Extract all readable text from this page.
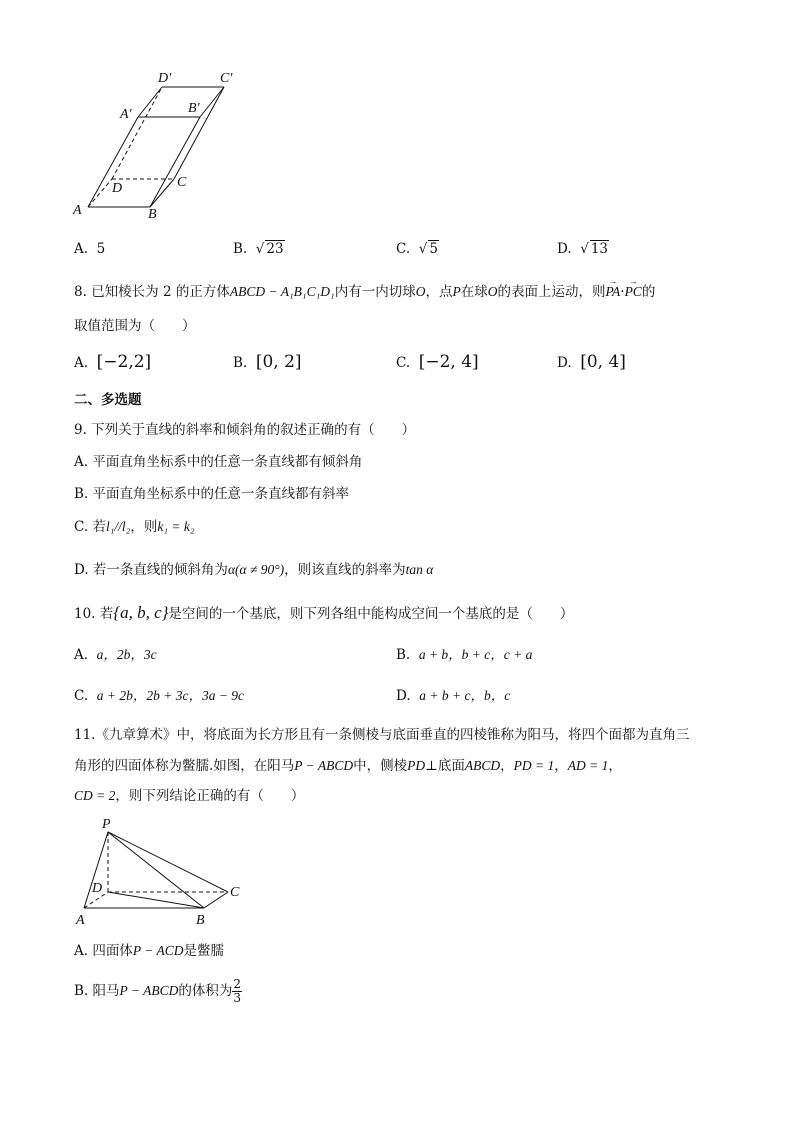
D'	C'
A'	B'
D	C
A	B
A. 5	B.  √ 23	C.  √ 5	D.  √ 13
8. 已知棱长为 2 的正方体ABCD − A₁B₁C₁D₁内有一内切球O，点P在球O的表面上运动，则→ PA·→ PC的
取值范围为（　　）
A. [−2,2]	B. [0, 2]	C. [−2, 4]	D. [0, 4]
二、多选题
9. 下列关于直线的斜率和倾斜角的叙述正确的有（　　）
A. 平面直角坐标系中的任意一条直线都有倾斜角
B. 平面直角坐标系中的任意一条直线都有斜率
C. 若l₁//l₂，则k₁ = k₂
D. 若一条直线的倾斜角为α(α ≠ 90°)，则该直线的斜率为tan α
10. 若{a, b, c}是空间的一个基底，则下列各组中能构成空间一个基底的是（　　）
A. a，2b，3c	B. a + b，b + c，c + a
C. a + 2b，2b + 3c，3a − 9c	D. a + b + c，b，c
11.《九章算术》中，将底面为长方形且有一条侧棱与底面垂直的四棱锥称为阳马，将四个面都为直角三
角形的四面体称为鳖臑.如图，在阳马P − ABCD中，侧棱PD⊥底面ABCD，PD = 1，AD = 1，
CD = 2，则下列结论正确的有（　　）
P
D	C
A	B
A. 四面体P − ACD是鳖臑
B. 阳马P − ABCD的体积为 $\frac{2}{3}$
